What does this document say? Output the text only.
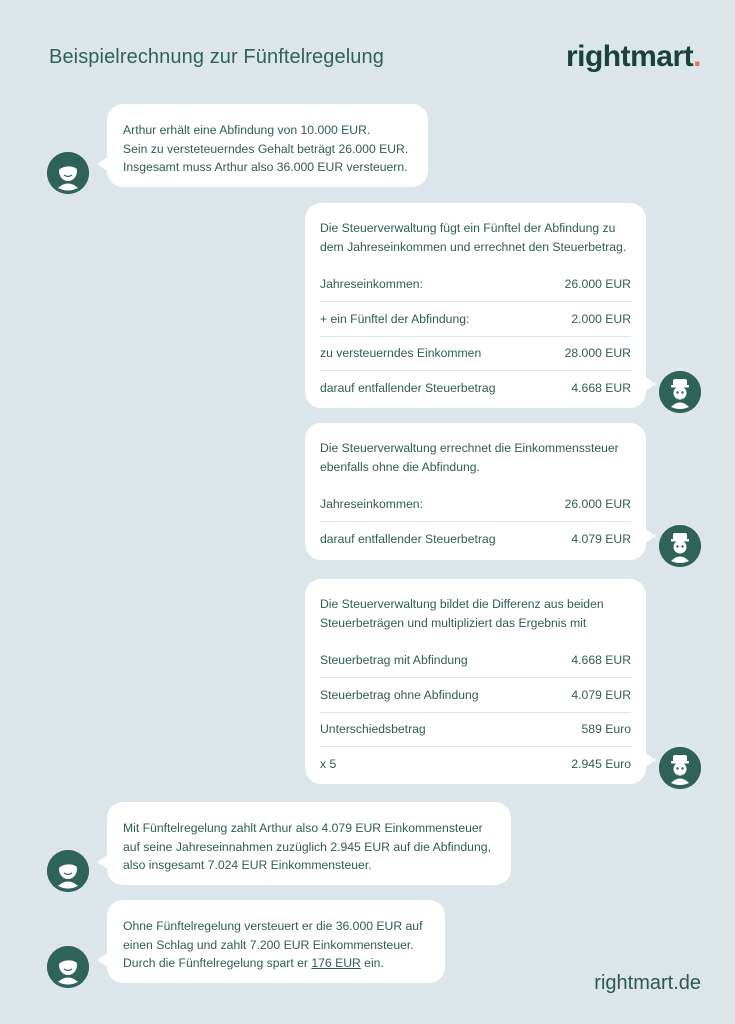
Beispielrechnung zur Fünftelregelung	rightmart.

Arthur erhält eine Abfindung von 10.000 EUR.

Sein zu versteteuerndes Gehalt beträgt 26.000 EUR.

Insgesamt muss Arthur also 36.000 EUR versteuern.

Die Steuerverwaltung fügt ein Fünftel der Abfindung zu

dem Jahreseinkommen und errechnet den Steuerbetrag.

Jahreseinkommen:	26.000 EUR
+ ein Fünftel der Abfindung:	2.000 EUR
zu versteuerndes Einkommen	28.000 EUR
darauf entfallender Steuerbetrag	4.668 EUR

Die Steuerverwaltung errechnet die Einkommenssteuer

ebenfalls ohne die Abfindung.

Jahreseinkommen:	26.000 EUR
darauf entfallender Steuerbetrag	4.079 EUR

Die Steuerverwaltung bildet die Differenz aus beiden

Steuerbeträgen und multipliziert das Ergebnis mit

Steuerbetrag mit Abfindung	4.668 EUR
Steuerbetrag ohne Abfindung	4.079 EUR
Unterschiedsbetrag	589 Euro
x 5	2.945 Euro

Mit Fünftelregelung zahlt Arthur also 4.079 EUR Einkommensteuer

auf seine Jahreseinnahmen zuzüglich 2.945 EUR auf die Abfindung,

also insgesamt 7.024 EUR Einkommensteuer.

Ohne Fünftelregelung versteuert er die 36.000 EUR auf

einen Schlag und zahlt 7.200 EUR Einkommensteuer.

Durch die Fünftelregelung spart er 176 EUR ein.

rightmart.de
